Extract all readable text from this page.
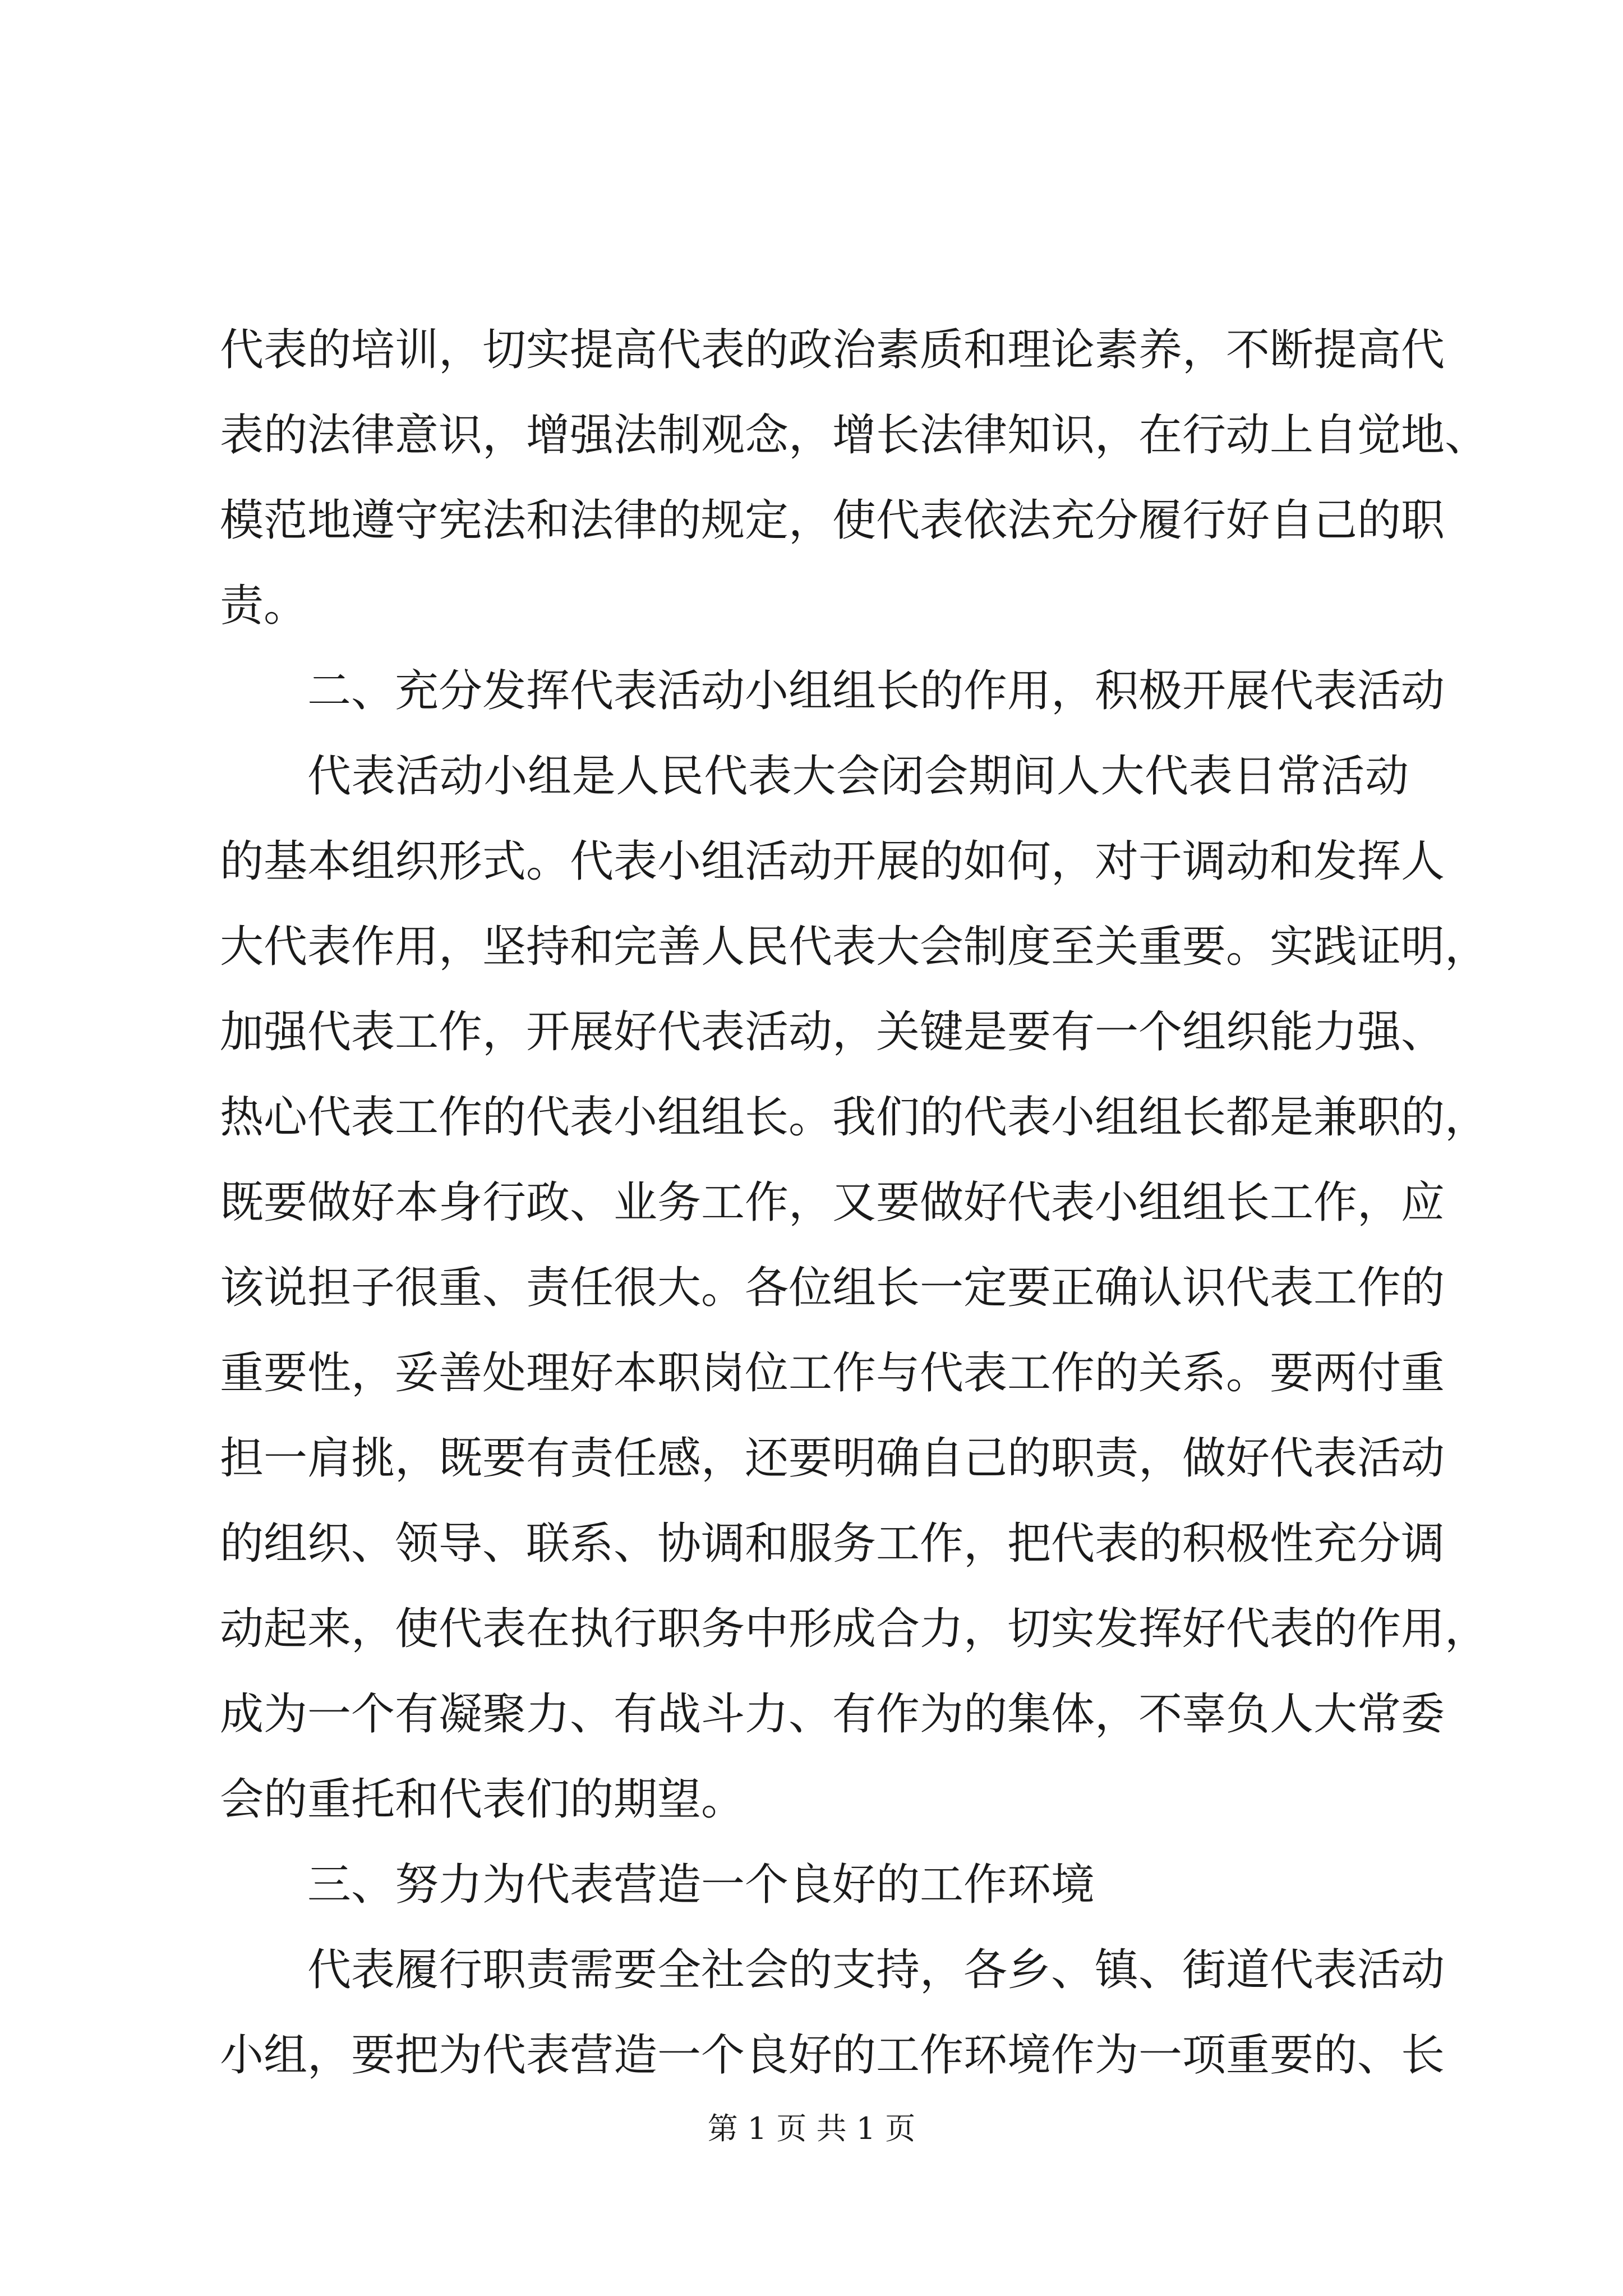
代表的培训，切实提高代表的政治素质和理论素养，不断提高代
表的法律意识，增强法制观念，增长法律知识，在行动上自觉地、
模范地遵守宪法和法律的规定，使代表依法充分履行好自己的职
责。
二、充分发挥代表活动小组组长的作用，积极开展代表活动
代表活动小组是人民代表大会闭会期间人大代表日常活动
的基本组织形式。代表小组活动开展的如何，对于调动和发挥人
大代表作用，坚持和完善人民代表大会制度至关重要。实践证明，
加强代表工作，开展好代表活动，关键是要有一个组织能力强、
热心代表工作的代表小组组长。我们的代表小组组长都是兼职的，
既要做好本身行政、业务工作，又要做好代表小组组长工作，应
该说担子很重、责任很大。各位组长一定要正确认识代表工作的
重要性，妥善处理好本职岗位工作与代表工作的关系。要两付重
担一肩挑，既要有责任感，还要明确自己的职责，做好代表活动
的组织、领导、联系、协调和服务工作，把代表的积极性充分调
动起来，使代表在执行职务中形成合力，切实发挥好代表的作用，
成为一个有凝聚力、有战斗力、有作为的集体，不辜负人大常委
会的重托和代表们的期望。
三、努力为代表营造一个良好的工作环境
代表履行职责需要全社会的支持，各乡、镇、街道代表活动
小组，要把为代表营造一个良好的工作环境作为一项重要的、长
第 1 页 共 1 页
